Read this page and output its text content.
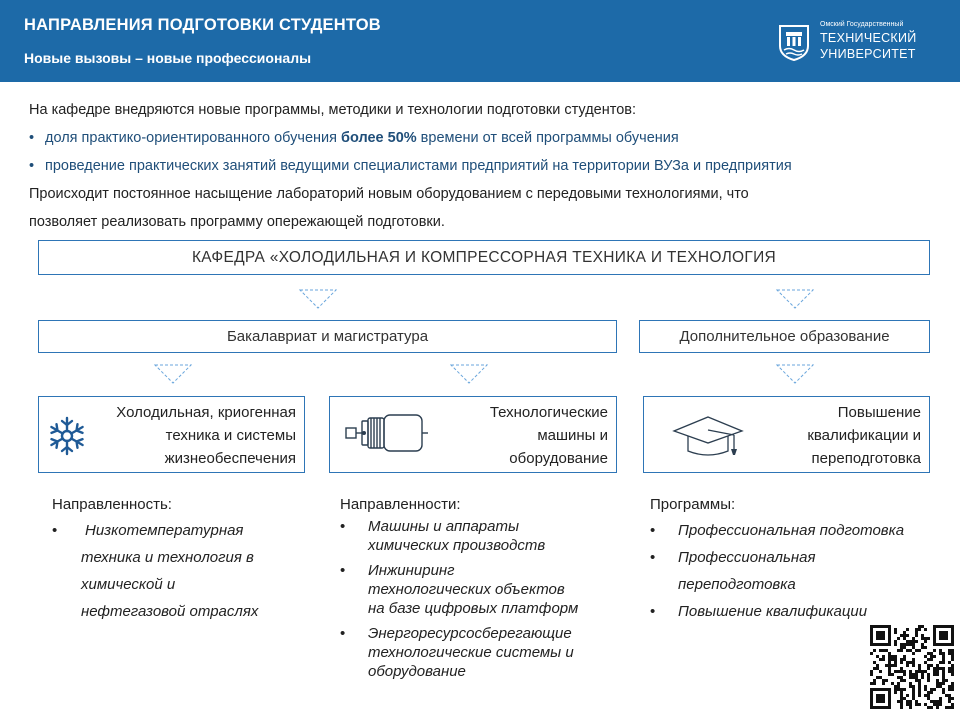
НАПРАВЛЕНИЯ ПОДГОТОВКИ СТУДЕНТОВ
Новые вызовы – новые профессионалы
Омский Государственный
ТЕХНИЧЕСКИЙ
УНИВЕРСИТЕТ

На кафедре внедряются новые программы, методики и технологии подготовки студентов:

• доля практико-ориентированного обучения более 50% времени от всей программы обучения

• проведение практических занятий ведущими специалистами предприятий на территории ВУЗа и предприятия

Происходит постоянное насыщение лабораторий новым оборудованием с передовыми технологиями, что

позволяет реализовать программу опережающей подготовки.

КАФЕДРА «ХОЛОДИЛЬНАЯ И КОМПРЕССОРНАЯ ТЕХНИКА И ТЕХНОЛОГИЯ
Бакалавриат и магистратура	Дополнительное образование
Холодильная, криогенная
техника и системы
жизнеобеспечения
Технологические
машины и
оборудование
Повышение
квалификации и
переподготовка

Направленность:

• Низкотемпературная
техника и технология в
химической и
нефтегазовой отраслях

Направленности:

• Машины и аппараты
химических производств
• Инжиниринг
технологических объектов
на базе цифровых платформ
• Энергоресурсосберегающие
технологические системы и
оборудование

Программы:

• Профессиональная подготовка
• Профессиональная
переподготовка
• Повышение квалификации
